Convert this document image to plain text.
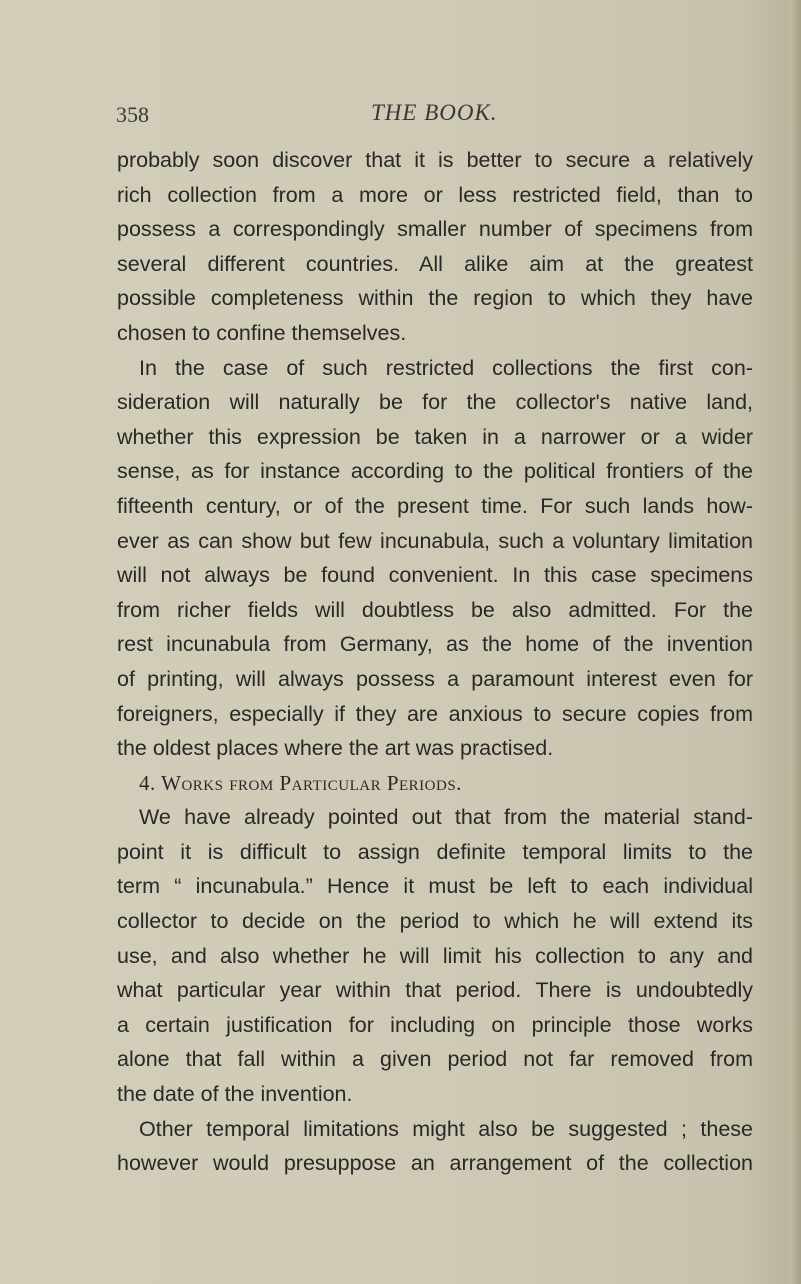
358	THE BOOK.
probably soon discover that it is better to secure a relatively
rich collection from a more or less restricted field, than to
possess a correspondingly smaller number of specimens from
several different countries. All alike aim at the greatest
possible completeness within the region to which they have
chosen to confine themselves.
In the case of such restricted collections the first con-
sideration will naturally be for the collector's native land,
whether this expression be taken in a narrower or a wider
sense, as for instance according to the political frontiers of the
fifteenth century, or of the present time. For such lands how-
ever as can show but few incunabula, such a voluntary limitation
will not always be found convenient. In this case specimens
from richer fields will doubtless be also admitted. For the
rest incunabula from Germany, as the home of the invention
of printing, will always possess a paramount interest even for
foreigners, especially if they are anxious to secure copies from
the oldest places where the art was practised.
4. Works from Particular Periods.
We have already pointed out that from the material stand-
point it is difficult to assign definite temporal limits to the
term “ incunabula.” Hence it must be left to each individual
collector to decide on the period to which he will extend its
use, and also whether he will limit his collection to any and
what particular year within that period. There is undoubtedly
a certain justification for including on principle those works
alone that fall within a given period not far removed from
the date of the invention.
Other temporal limitations might also be suggested ; these
however would presuppose an arrangement of the collection
